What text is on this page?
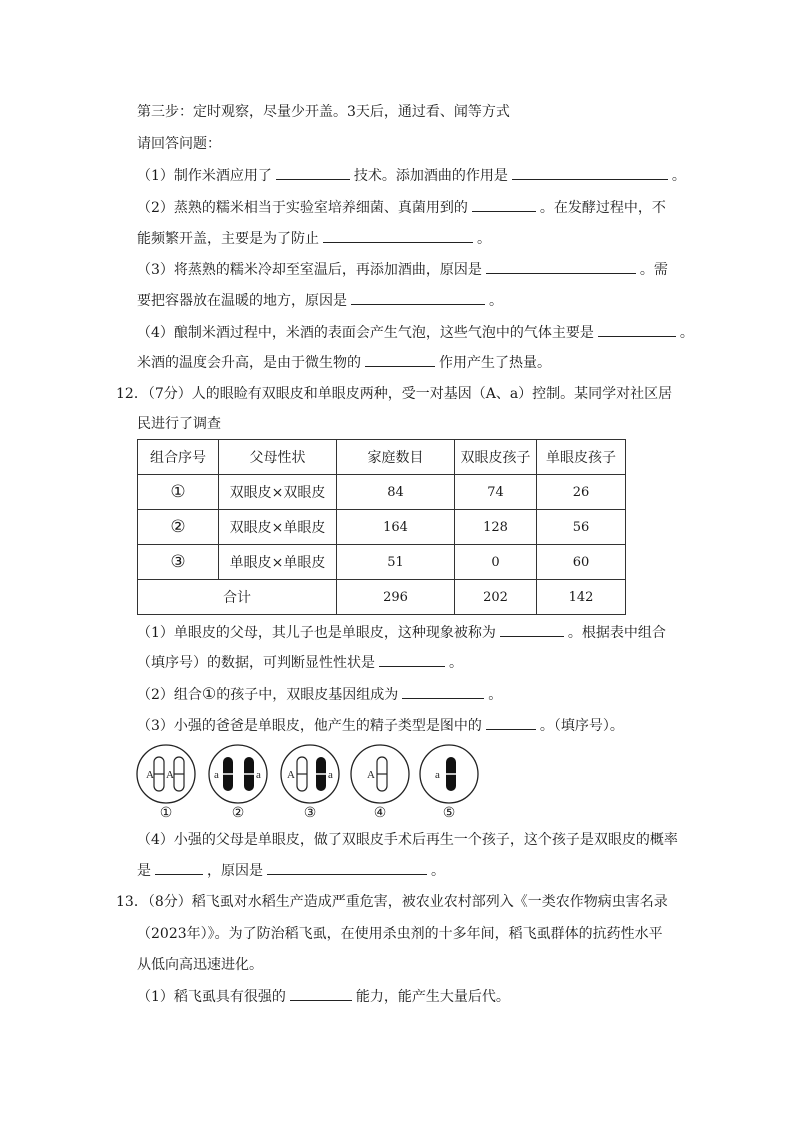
第三步：定时观察，尽量少开盖。3天后，通过看、闻等方式
请回答问题：
（1）制作米酒应用了	技术。添加酒曲的作用是	。
（2）蒸熟的糯米相当于实验室培养细菌、真菌用到的	。在发酵过程中，不
能频繁开盖，主要是为了防止	。
（3）将蒸熟的糯米冷却至室温后，再添加酒曲，原因是	。需
要把容器放在温暖的地方，原因是	。
（4）酿制米酒过程中，米酒的表面会产生气泡，这些气泡中的气体主要是	。
米酒的温度会升高，是由于微生物的	作用产生了热量。
12．（7分）人的眼睑有双眼皮和单眼皮两种，受一对基因（A、a）控制。某同学对社区居
民进行了调查
组合序号	父母性状	家庭数目	双眼皮孩子	单眼皮孩子
①	双眼皮×双眼皮	84	74	26
②	双眼皮×单眼皮	164	128	56
③	单眼皮×单眼皮	51	0	60
合计		296	202	142
（1）单眼皮的父母，其儿子也是单眼皮，这种现象被称为	。根据表中组合
（填序号）的数据，可判断显性性状是	。
（2）组合①的孩子中，双眼皮基因组成为	。
（3）小强的爸爸是单眼皮，他产生的精子类型是图中的	。（填序号）。
A A	a	a A	a	A	a
①	②	③	④	⑤
（4）小强的父母是单眼皮，做了双眼皮手术后再生一个孩子，这个孩子是双眼皮的概率
是	，原因是	。
13．（8分）稻飞虱对水稻生产造成严重危害，被农业农村部列入《一类农作物病虫害名录
（2023年）》。为了防治稻飞虱，在使用杀虫剂的十多年间，稻飞虱群体的抗药性水平
从低向高迅速进化。
（1）稻飞虱具有很强的	能力，能产生大量后代。
